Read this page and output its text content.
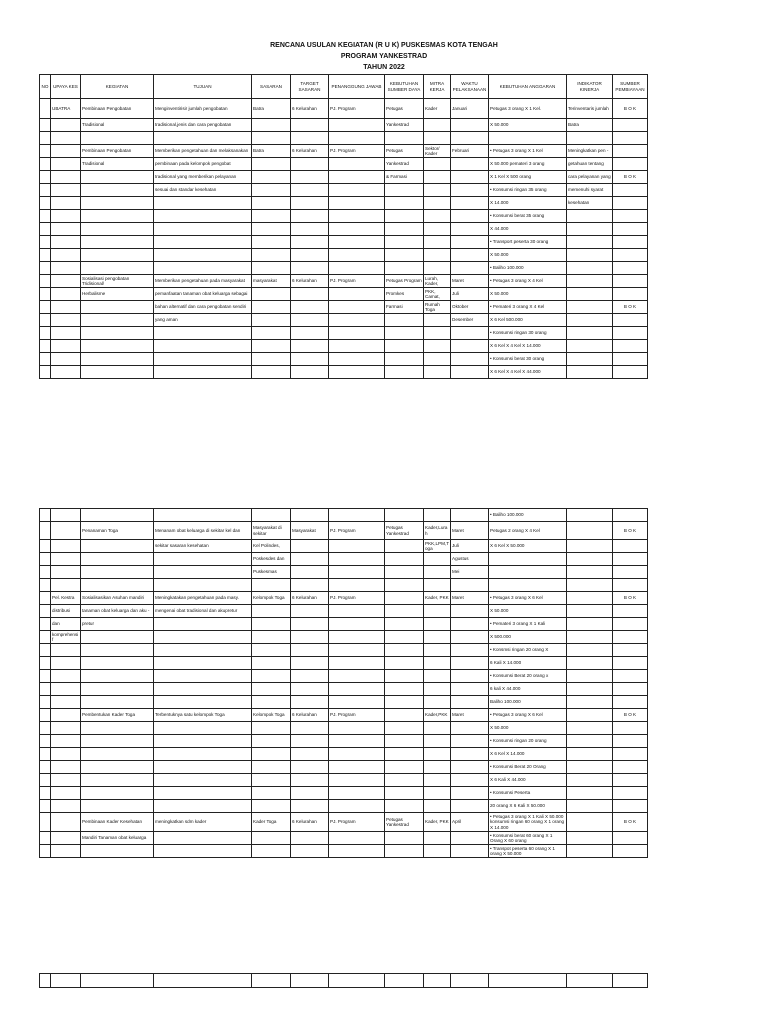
RENCANA USULAN KEGIATAN (R U K) PUSKESMAS KOTA TENGAH
PROGRAM YANKESTRAD
TAHUN 2022
NO	UPAYA KES	KEGIATAN	TUJUAN	SASARAN	TARGET SASARAN	PENANGGUNG JAWAB	KEBUTUHAN SUMBER DAYA	MITRA KERJA	WAKTU PELAKSANAAN	KEBUTUHAN ANGGARAN	INDIKATOR KINERJA	SUMBER PEMBIAYAAN
	UBATRA	Pembinaan Pengobatan	Menginventirisir jumlah pengobatan	Batra	6 Kelurahan	PJ. Program	Petugas	Kader	Januari	Petugas 3 orang X 1 Kel.	Terinventaris jumlah	B O K
		Tradisional	tradisional,jenis dan cara pengobatan				Yankestrad			X 50.000	Batra	

		Pembinaan Pengobatan	Memberikan pengetahuan dan melaksanakan	Batra	6 Kelurahan	PJ. Program	Petugas	Sektor/ Kader	Februari	• Petugas 3 orang X 1 Kel	Meningkatkan pen -	
		Tradisional	pembinaan pada kelompok pengobat				Yankestrad			X 50.000 pemateri 3 orang	getahuan tentang	
			tradisional yang memberikan pelayanan				& Farmasi			X 1 Kel X 500 orang	cara pelayanan yang	B O K
			sesuai dan standar kesehatan							• Konsumsi ringan 35 orang	memenuhi syarat	
										X 14.000	kesehatan	
										• Konsumsi berat 35 orang		
										X 44.000		
										• Transport peserta 30 orang		
										X 50.000		
										• Baliho 100.000		
		Sosialisasi pengobatan Tridisional/	Memberikan pengetahuan pada masyarakat	masyarakat	6 Kelurahan	PJ. Program	Petugas Program	Lurah, Kader,	Maret	• Petugas 3 orang X 4 Kel		
		Herbalisme	pemanfaatan tanaman obat keluarga sebagai				Promkes	PKK, Camat,	Juli	X 50.000		
			bahan alternatif dan cara pengobatan sendiri				Farmasi	Rumah Toga	Oktober	• Pemateri 3 orang X 4 Kel		B O K
			yang aman						Desember	X 6 Kel 500.000		
										• Konsumsi ringan 30 orang		
										X 6 Kel X 4 Kel X 14.000		
										• Konsumsi berat 30 orang		
										X 6 Kel X 4 Kel X 44.000		
										• Baliho 100.000		
		Penanaman Toga	Menanam obat keluarga di sekitar kel dan	Masyarakat di sekitar	Masyarakat	PJ. Program	Petugas Yankestrad	Kader,Lurah	Maret	Petugas 2 orang X 4 Kel		B O K
			sekitar sasaran kesehatan	Kel Polindes,				PKK,LPM,Toga	Juli	X 6 Kel X 50.000		
				Poskesdes dan					Agustus			
				Puskesmas					Mei			

	Pel. Kestra	Sosialisasikan Asuhan mandiri	Meningkatakan pengetahuan pada masy.	Kelompok Toga	6 Kelurahan	PJ. Program		Kader, PKK	Maret	• Petugas 3 orang X 6 Kel		B O K
	distribusi	tanaman obat keluarga dan aku -	mengenai obat tradisional dan akupretur							X 50.000		
	dan	pretur								• Pemateri 3 orang X 1 Kali		
	komprehensif									X 500.000		
										• Konsmsi ringan 20 orang X		
										6 Kali X 14.000		
										• Konsumsi Berat 20 orang x		
										6 kali X 44.000		
										Baliho 100.000		
		Pembentukan Kader Toga	Terbentuknya satu kelompok Toga	Kelompok Toga	6 Kelurahan	PJ. Program		Kader,PKK	Maret	• Petugas 3 orang X 6 Kel		B O K
										X 50.000		
										• Konsumsi ringan 20 orang		
										X 6 Kel X 14.000		
										• Konsumsi Berat 20 Orang		
										X 6 Kali X 44.000		
										• Konsumsi Peserta		
										20 orang X 6 Kali X 50.000		
		Pembinaan Kader Kesehatan	meningkatkan sdm kader	Kader Toga	6 Kelurahan	PJ. Program	Petugas Yankestrad	Kader, PKK	April	• Petugas 3 orang X 1 Kali X 50.000 konsumsi ringan 60 orang X 1 orang X 14.000		B O K
		Mandiri Tanaman obat keluarga								• Konsumsi berat 60 orang X 1 Orang X 60 orang		
										• Transpot peserta 60 orang X 1 orang X 50.000		
